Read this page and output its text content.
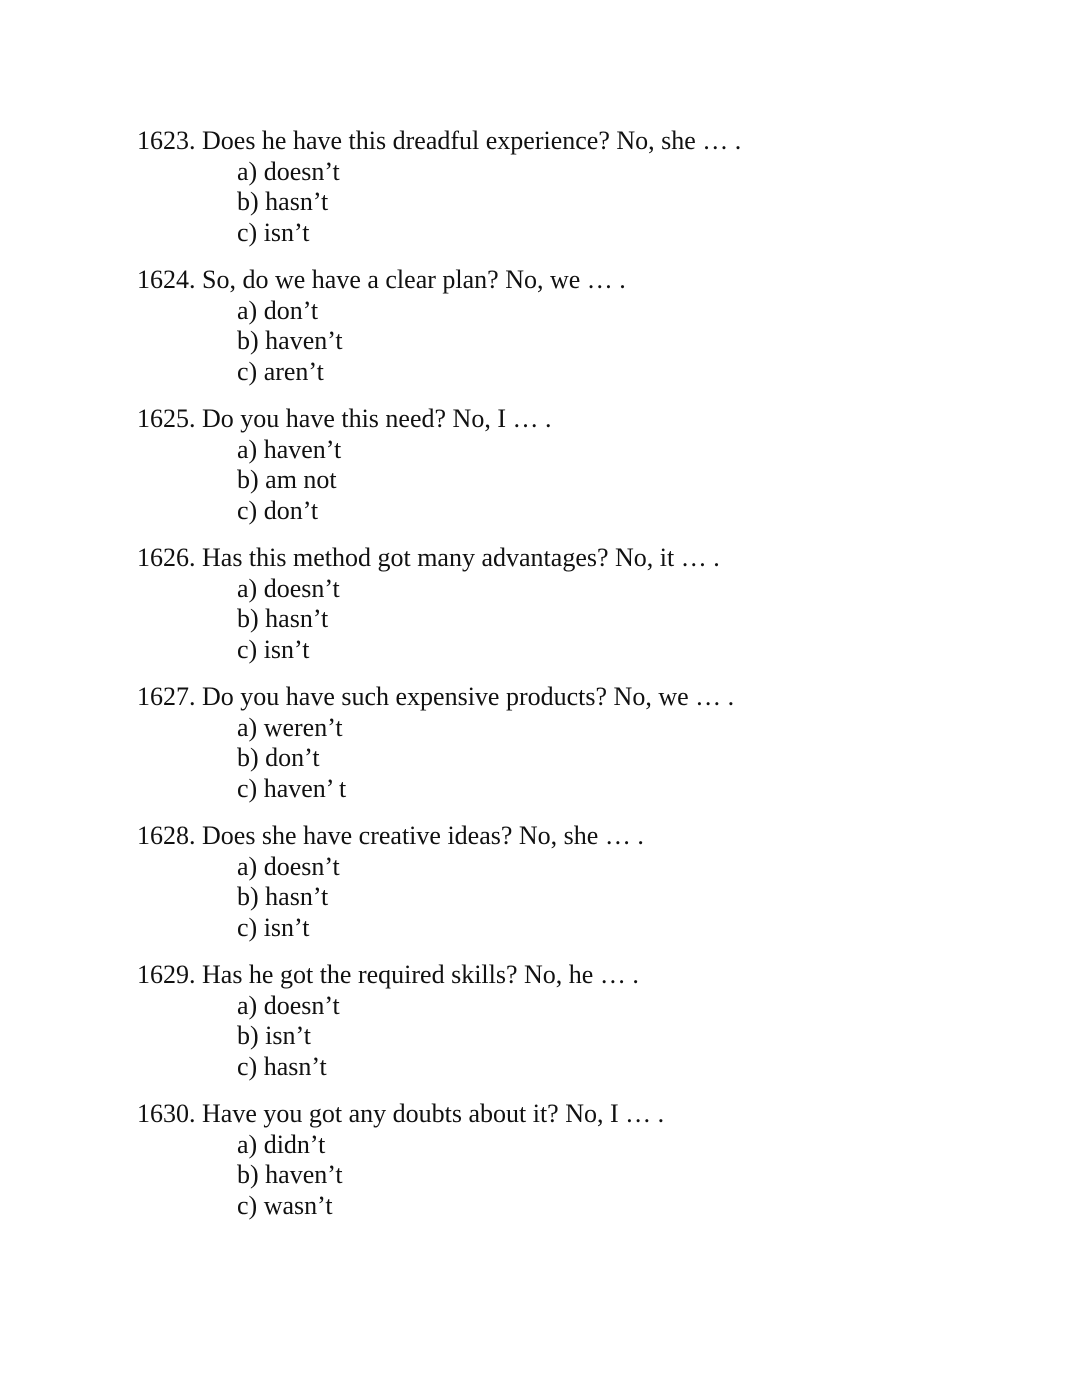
1623. Does he have this dreadful experience? No, she … .
a) doesn’t
b) hasn’t
c) isn’t
1624. So, do we have a clear plan? No, we … .
a) don’t
b) haven’t
c) aren’t
1625. Do you have this need? No, I … .
a) haven’t
b) am not
c) don’t
1626. Has this method got many advantages? No, it … .
a) doesn’t
b) hasn’t
c) isn’t
1627. Do you have such expensive products? No, we … .
a) weren’t
b) don’t
c) haven’ t
1628. Does she have creative ideas? No, she … .
a) doesn’t
b) hasn’t
c) isn’t
1629. Has he got the required skills? No, he … .
a) doesn’t
b) isn’t
c) hasn’t
1630. Have you got any doubts about it? No, I … .
a) didn’t
b) haven’t
c) wasn’t
